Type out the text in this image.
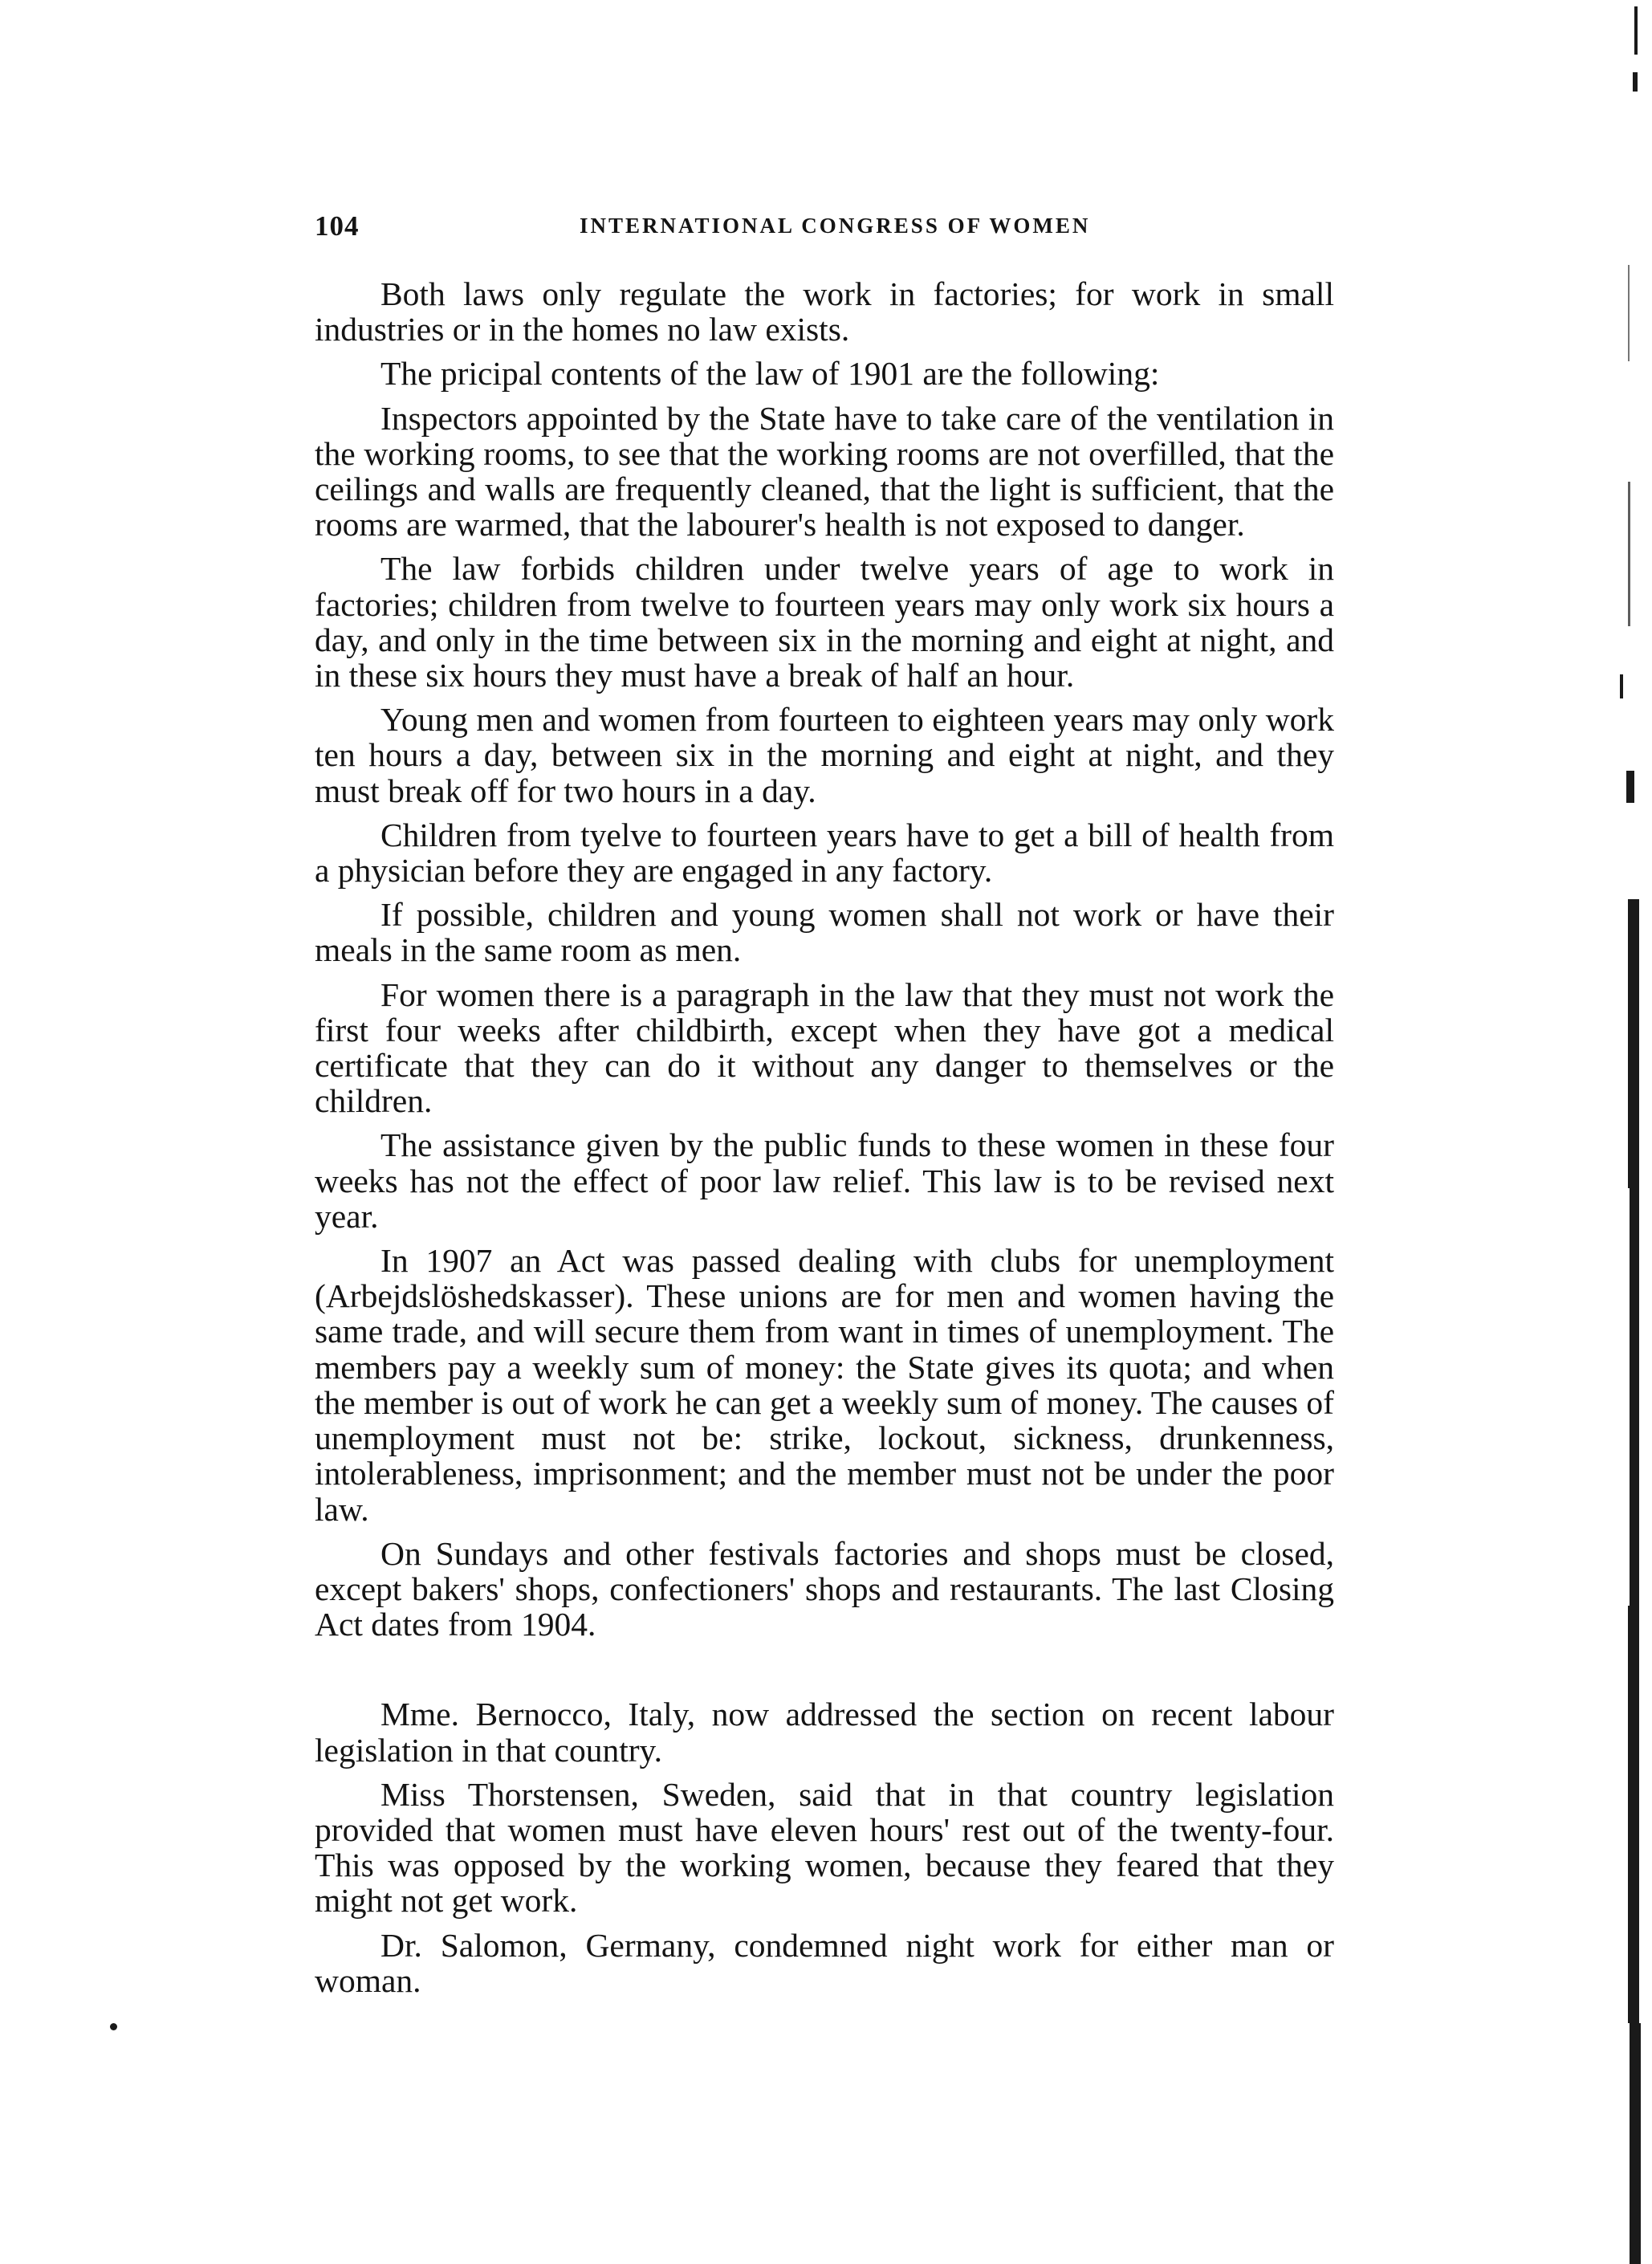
104	INTERNATIONAL CONGRESS OF WOMEN

Both laws only regulate the work in factories; for work in small industries or in the homes no law exists.

The pricipal contents of the law of 1901 are the following:

Inspectors appointed by the State have to take care of the ventilation in the working rooms, to see that the working rooms are not overfilled, that the ceilings and walls are frequently cleaned, that the light is sufficient, that the rooms are warmed, that the labourer's health is not exposed to danger.

The law forbids children under twelve years of age to work in factories; children from twelve to fourteen years may only work six hours a day, and only in the time between six in the morning and eight at night, and in these six hours they must have a break of half an hour.

Young men and women from fourteen to eighteen years may only work ten hours a day, between six in the morning and eight at night, and they must break off for two hours in a day.

Children from tyelve to fourteen years have to get a bill of health from a physician before they are engaged in any factory.

If possible, children and young women shall not work or have their meals in the same room as men.

For women there is a paragraph in the law that they must not work the first four weeks after childbirth, except when they have got a medical certificate that they can do it without any danger to themselves or the children.

The assistance given by the public funds to these women in these four weeks has not the effect of poor law relief. This law is to be revised next year.

In 1907 an Act was passed dealing with clubs for unemployment (Arbejdslöshedskasser). These unions are for men and women having the same trade, and will secure them from want in times of unemployment. The members pay a weekly sum of money: the State gives its quota; and when the member is out of work he can get a weekly sum of money. The causes of unemployment must not be: strike, lockout, sickness, drunkenness, intolerableness, imprisonment; and the member must not be under the poor law.

On Sundays and other festivals factories and shops must be closed, except bakers' shops, confectioners' shops and restaurants. The last Closing Act dates from 1904.

Mme. Bernocco, Italy, now addressed the section on recent labour legislation in that country.

Miss Thorstensen, Sweden, said that in that country legislation provided that women must have eleven hours' rest out of the twenty-four. This was opposed by the working women, because they feared that they might not get work.

Dr. Salomon, Germany, condemned night work for either man or woman.
